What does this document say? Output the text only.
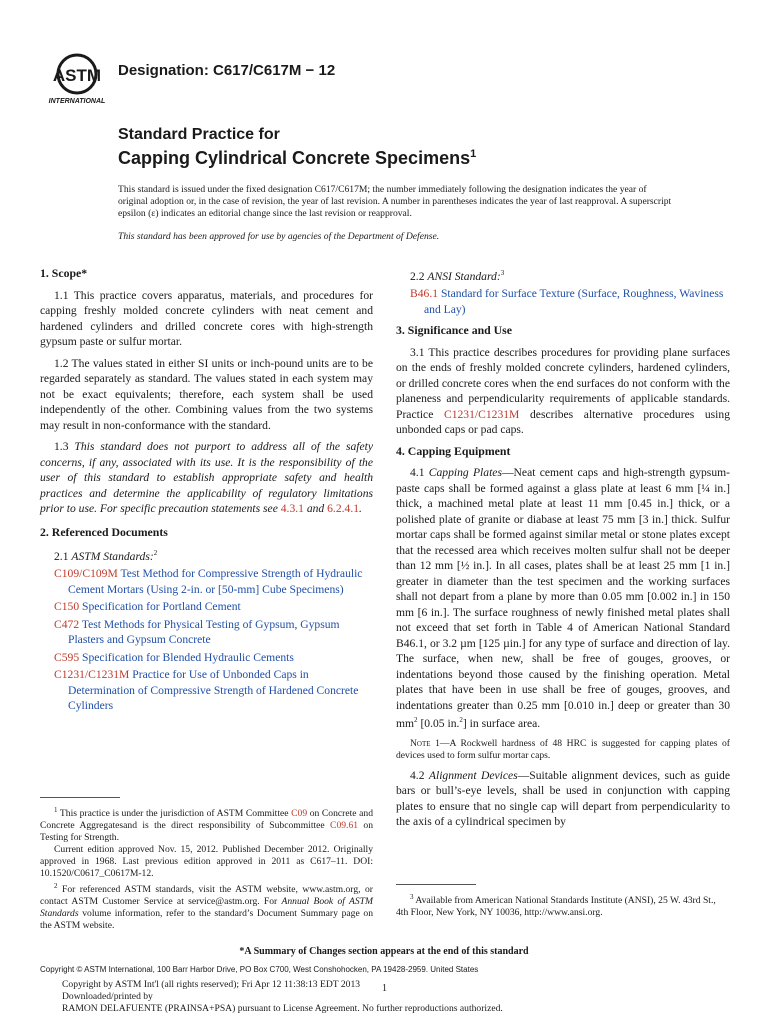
ASTM
INTERNATIONAL
Designation: C617/C617M − 12
Standard Practice for
Capping Cylindrical Concrete Specimens$^1$
This standard is issued under the fixed designation C617/C617M; the number immediately following the designation indicates the year of original adoption or, in the case of revision, the year of last revision. A number in parentheses indicates the year of last reapproval. A superscript epsilon (ε) indicates an editorial change since the last revision or reapproval.
This standard has been approved for use by agencies of the Department of Defense.
1. Scope*

1.1 This practice covers apparatus, materials, and procedures for capping freshly molded concrete cylinders with neat cement and hardened cylinders and drilled concrete cores with high-strength gypsum paste or sulfur mortar.

1.2 The values stated in either SI units or inch-pound units are to be regarded separately as standard. The values stated in each system may not be exact equivalents; therefore, each system shall be used independently of the other. Combining values from the two systems may result in non-conformance with the standard.

1.3 This standard does not purport to address all of the safety concerns, if any, associated with its use. It is the responsibility of the user of this standard to establish appropriate safety and health practices and determine the applicability of regulatory limitations prior to use. For specific precaution statements see 4.3.1 and 6.2.4.1.

2. Referenced Documents

2.1 ASTM Standards:$^2$

C109/C109M Test Method for Compressive Strength of Hydraulic Cement Mortars (Using 2-in. or [50-mm] Cube Specimens)

C150 Specification for Portland Cement

C472 Test Methods for Physical Testing of Gypsum, Gypsum Plasters and Gypsum Concrete

C595 Specification for Blended Hydraulic Cements

C1231/C1231M Practice for Use of Unbonded Caps in Determination of Compressive Strength of Hardened Concrete Cylinders

2.2 ANSI Standard:$^3$

B46.1 Standard for Surface Texture (Surface, Roughness, Waviness and Lay)

3. Significance and Use

3.1 This practice describes procedures for providing plane surfaces on the ends of freshly molded concrete cylinders, hardened cylinders, or drilled concrete cores when the end surfaces do not conform with the planeness and perpendicularity requirements of applicable standards. Practice C1231/C1231M describes alternative procedures using unbonded caps or pad caps.

4. Capping Equipment

4.1 Capping Plates—Neat cement caps and high-strength gypsum-paste caps shall be formed against a glass plate at least 6 mm [¼ in.] thick, a machined metal plate at least 11 mm [0.45 in.] thick, or a polished plate of granite or diabase at least 75 mm [3 in.] thick. Sulfur mortar caps shall be formed against similar metal or stone plates except that the recessed area which receives molten sulfur shall not be deeper than 12 mm [½ in.]. In all cases, plates shall be at least 25 mm [1 in.] greater in diameter than the test specimen and the working surfaces shall not depart from a plane by more than 0.05 mm [0.002 in.] in 150 mm [6 in.]. The surface roughness of newly finished metal plates shall not exceed that set forth in Table 4 of American National Standard B46.1, or 3.2 µm [125 µin.] for any type of surface and direction of lay. The surface, when new, shall be free of gouges, grooves, or indentations beyond those caused by the finishing operation. Metal plates that have been in use shall be free of gouges, grooves, and indentations greater than 0.25 mm [0.010 in.] deep or greater than 30 $mm^2$ [0.05 in.$^2$] in surface area.

Note 1—A Rockwell hardness of 48 HRC is suggested for capping plates of devices used to form sulfur mortar caps.

4.2 Alignment Devices—Suitable alignment devices, such as guide bars or bull’s-eye levels, shall be used in conjunction with capping plates to ensure that no single cap will depart from perpendicularity to the axis of a cylindrical specimen by

$^1$ This practice is under the jurisdiction of ASTM Committee C09 on Concrete and Concrete Aggregatesand is the direct responsibility of Subcommittee C09.61 on Testing for Strength.
Current edition approved Nov. 15, 2012. Published December 2012. Originally approved in 1968. Last previous edition approved in 2011 as C617–11. DOI: 10.1520/C0617_C0617M-12.
$^2$ For referenced ASTM standards, visit the ASTM website, www.astm.org, or contact ASTM Customer Service at service@astm.org. For Annual Book of ASTM Standards volume information, refer to the standard’s Document Summary page on the ASTM website.
$^3$ Available from American National Standards Institute (ANSI), 25 W. 43rd St., 4th Floor, New York, NY 10036, http://www.ansi.org.
*A Summary of Changes section appears at the end of this standard
Copyright © ASTM International, 100 Barr Harbor Drive, PO Box C700, West Conshohocken, PA 19428-2959. United States
Copyright by ASTM Int'l (all rights reserved); Fri Apr 12 11:38:13 EDT 2013
Downloaded/printed by
RAMON DELAFUENTE (PRAINSA+PSA) pursuant to License Agreement. No further reproductions authorized.
1
